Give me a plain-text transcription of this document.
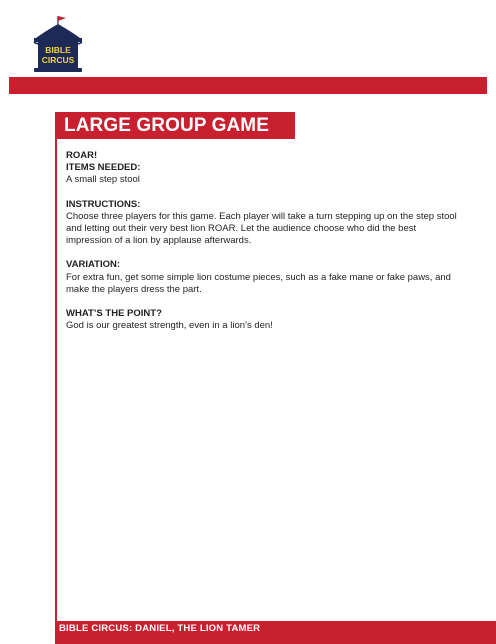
BIBLE
CIRCUS
LARGE GROUP GAME

ROAR!

ITEMS NEEDED:

A small step stool

INSTRUCTIONS:

Choose three players for this game. Each player will take a turn stepping up on the step stool and letting out their very best lion ROAR. Let the audience choose who did the best impression of a lion by applause afterwards.

VARIATION:

For extra fun, get some simple lion costume pieces, such as a fake mane or fake paws, and make the players dress the part.

WHAT’S THE POINT?

God is our greatest strength, even in a lion’s den!

BIBLE CIRCUS: DANIEL, THE LION TAMER
